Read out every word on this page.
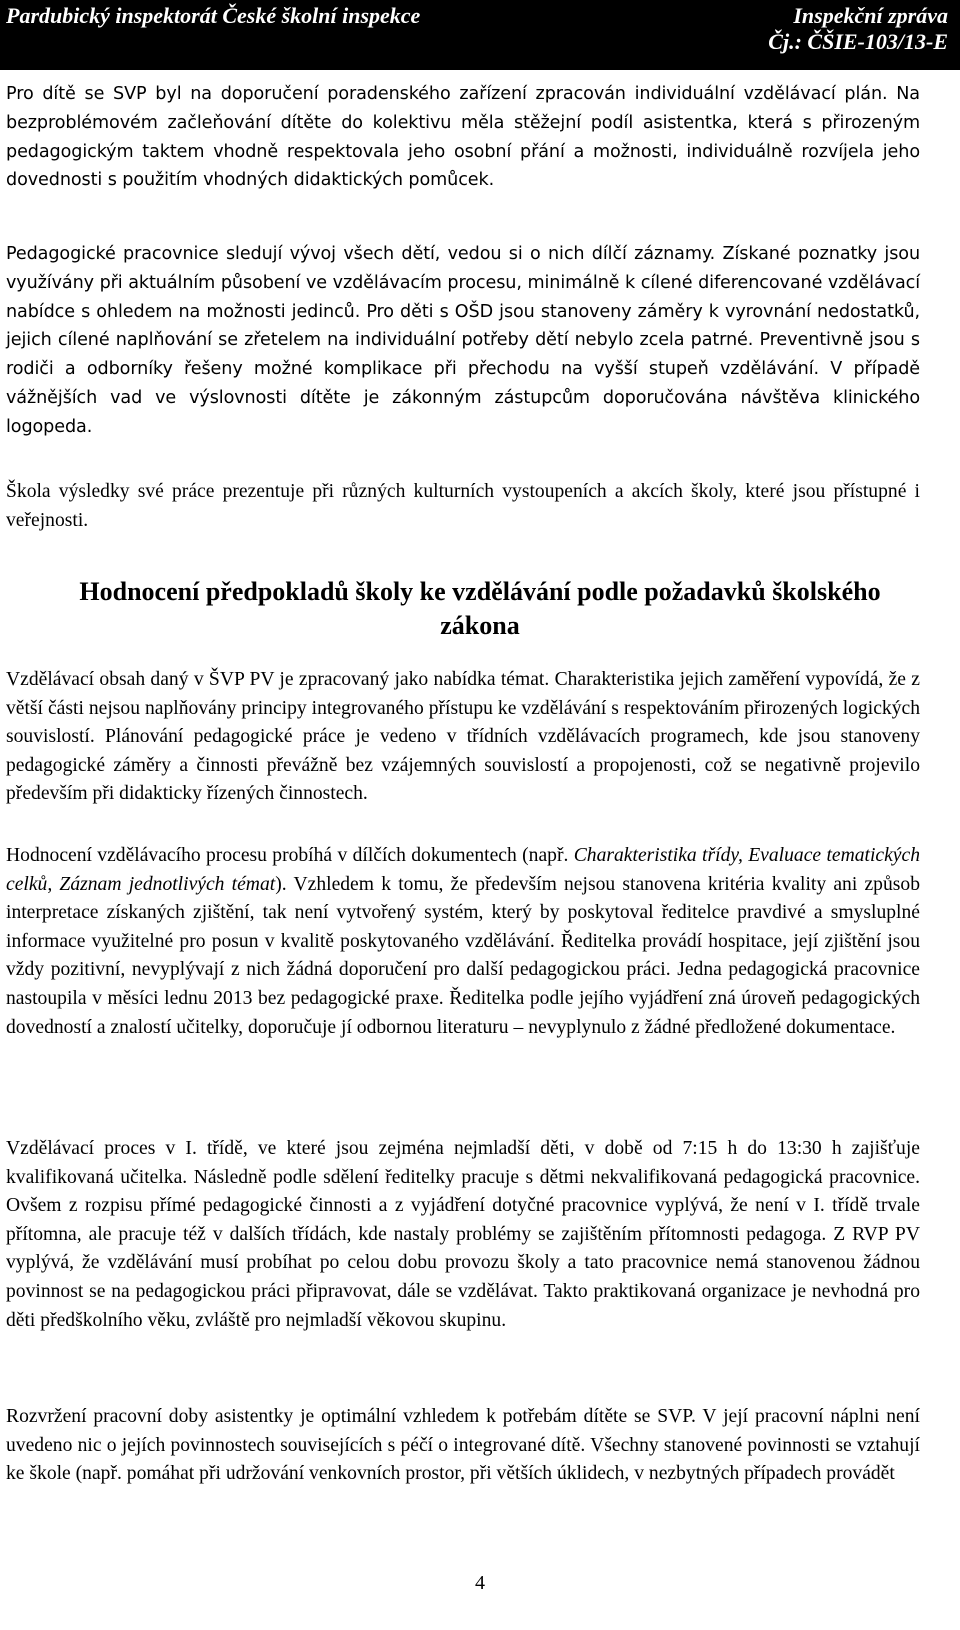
Pardubický inspektorát České školní inspekce	Inspekční zpráva
Čj.: ČŠIE-103/13-E

Pro dítě se SVP byl na doporučení poradenského zařízení zpracován individuální vzdělávací plán. Na bezproblémovém začleňování dítěte do kolektivu měla stěžejní podíl asistentka, která s přirozeným pedagogickým taktem vhodně respektovala jeho osobní přání a možnosti, individuálně rozvíjela jeho dovednosti s použitím vhodných didaktických pomůcek.

Pedagogické pracovnice sledují vývoj všech dětí, vedou si o nich dílčí záznamy. Získané poznatky jsou využívány při aktuálním působení ve vzdělávacím procesu, minimálně k cílené diferencované vzdělávací nabídce s ohledem na možnosti jedinců. Pro děti s OŠD jsou stanoveny záměry k vyrovnání nedostatků, jejich cílené naplňování se zřetelem na individuální potřeby dětí nebylo zcela patrné. Preventivně jsou s rodiči a odborníky řešeny možné komplikace při přechodu na vyšší stupeň vzdělávání. V případě vážnějších vad ve výslovnosti dítěte je zákonným zástupcům doporučována návštěva klinického logopeda.

Škola výsledky své práce prezentuje při různých kulturních vystoupeních a akcích školy, které jsou přístupné i veřejnosti.

Hodnocení předpokladů školy ke vzdělávání podle požadavků školského
zákona

Vzdělávací obsah daný v ŠVP PV je zpracovaný jako nabídka témat. Charakteristika jejich zaměření vypovídá, že z větší části nejsou naplňovány principy integrovaného přístupu ke vzdělávání s respektováním přirozených logických souvislostí. Plánování pedagogické práce je vedeno v třídních vzdělávacích programech, kde jsou stanoveny pedagogické záměry a činnosti převážně bez vzájemných souvislostí a propojenosti, což se negativně projevilo především při didakticky řízených činnostech.

Hodnocení vzdělávacího procesu probíhá v dílčích dokumentech (např. Charakteristika třídy, Evaluace tematických celků, Záznam jednotlivých témat). Vzhledem k tomu, že především nejsou stanovena kritéria kvality ani způsob interpretace získaných zjištění, tak není vytvořený systém, který by poskytoval ředitelce pravdivé a smysluplné informace využitelné pro posun v kvalitě poskytovaného vzdělávání. Ředitelka provádí hospitace, její zjištění jsou vždy pozitivní, nevyplývají z nich žádná doporučení pro další pedagogickou práci. Jedna pedagogická pracovnice nastoupila v měsíci lednu 2013 bez pedagogické praxe. Ředitelka podle jejího vyjádření zná úroveň pedagogických dovedností a znalostí učitelky, doporučuje jí odbornou literaturu – nevyplynulo z žádné předložené dokumentace.

Vzdělávací proces v I. třídě, ve které jsou zejména nejmladší děti, v době od 7:15 h do 13:30 h zajišťuje kvalifikovaná učitelka. Následně podle sdělení ředitelky pracuje s dětmi nekvalifikovaná pedagogická pracovnice. Ovšem z rozpisu přímé pedagogické činnosti a z vyjádření dotyčné pracovnice vyplývá, že není v I. třídě trvale přítomna, ale pracuje též v dalších třídách, kde nastaly problémy se zajištěním přítomnosti pedagoga. Z RVP PV vyplývá, že vzdělávání musí probíhat po celou dobu provozu školy a tato pracovnice nemá stanovenou žádnou povinnost se na pedagogickou práci připravovat, dále se vzdělávat. Takto praktikovaná organizace je nevhodná pro děti předškolního věku, zvláště pro nejmladší věkovou skupinu.

Rozvržení pracovní doby asistentky je optimální vzhledem k potřebám dítěte se SVP. V její pracovní náplni není uvedeno nic o jejích povinnostech souvisejících s péčí o integrované dítě. Všechny stanovené povinnosti se vztahují ke škole (např. pomáhat při udržování venkovních prostor, při větších úklidech, v nezbytných případech provádět

4
